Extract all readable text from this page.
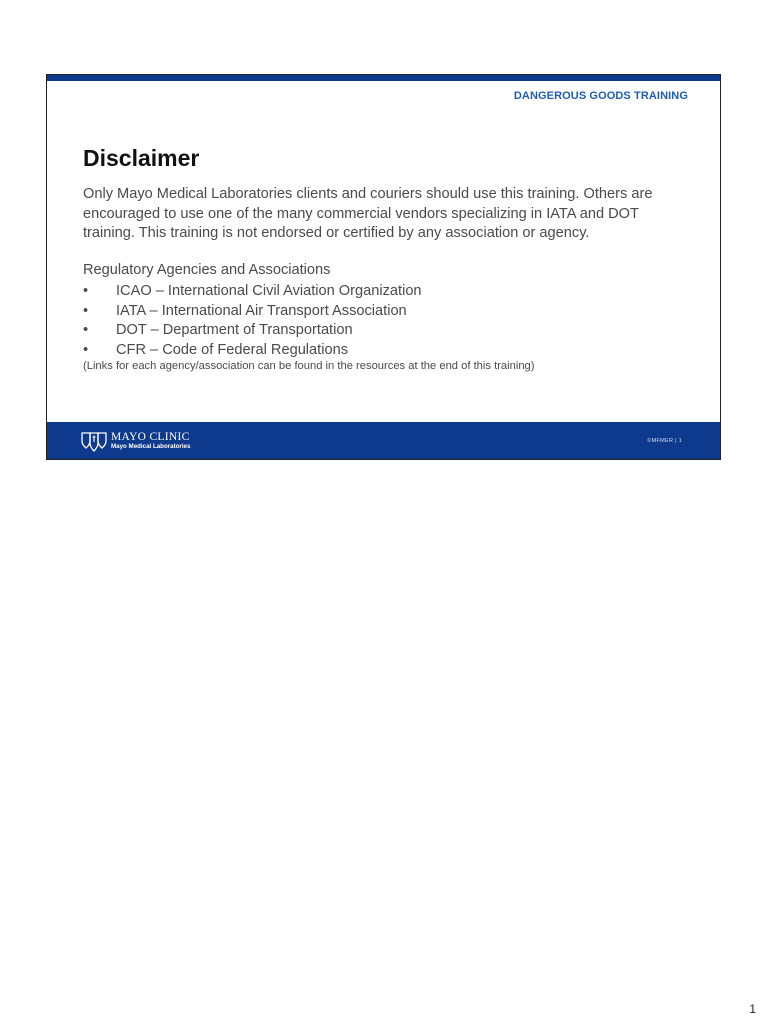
DANGEROUS GOODS TRAINING
Disclaimer

Only Mayo Medical Laboratories clients and couriers should use this training. Others are encouraged to use one of the many commercial vendors specializing in IATA and DOT training. This training is not endorsed or certified by any association or agency.

Regulatory Agencies and Associations

• ICAO – International Civil Aviation Organization
• IATA – International Air Transport Association
• DOT – Department of Transportation
• CFR – Code of Federal Regulations

(Links for each agency/association can be found in the resources at the end of this training)

MAYO CLINIC
Mayo Medical Laboratories
©MFMER | 1
1
